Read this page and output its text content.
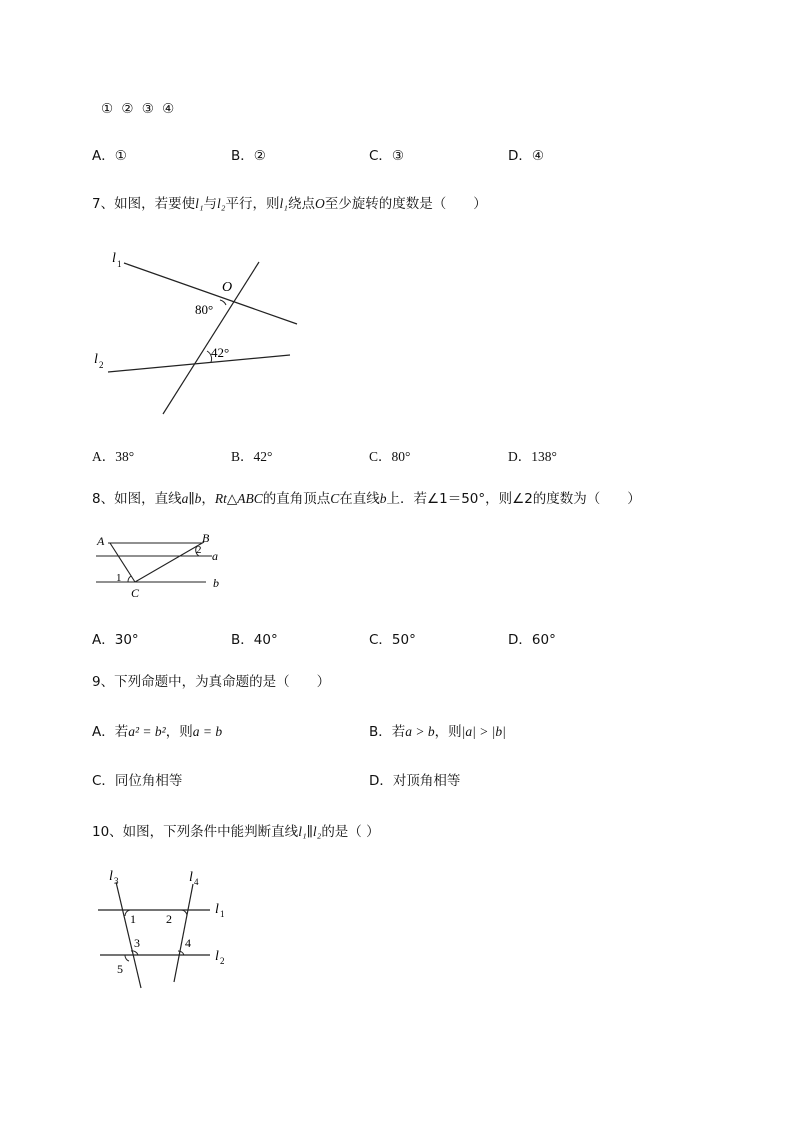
① ② ③ ④
A．①	B．②	C．③	D．④
7、如图，若要使l₁与l₂平行，则l₁绕点O至少旋转的度数是（　　）
l 1
l 2
O
80°
42°
A．38°	B．42°	C．80°	D．138°
8、如图，直线a∥b，Rt△ABC的直角顶点C在直线b上．若∠1＝50°，则∠2的度数为（　　）
A	B
C
a
b
1
2
A．30°	B．40°	C．50°	D．60°
9、下列命题中，为真命题的是（　　）
A．若a² = b²，则a = b	B．若a > b，则|a| > |b|
C．同位角相等	D．对顶角相等
10、如图，下列条件中能判断直线l₁∥l₂的是（ ）
l 3	l 4
l 1
l 2
1	2
3	4
5
